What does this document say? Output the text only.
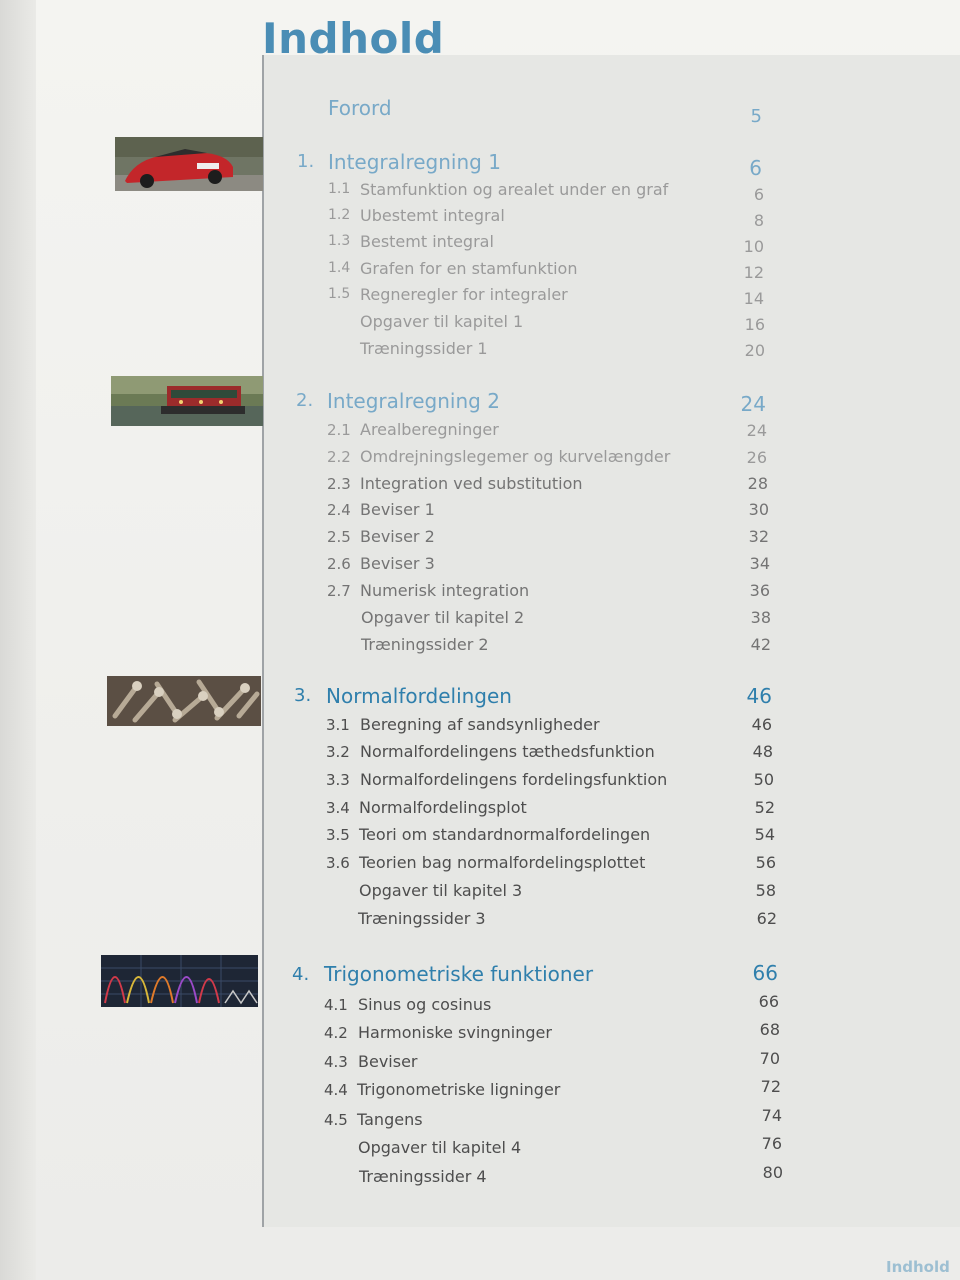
Indhold
Forord	5
1. Integralregning 1	6
1.1 Stamfunktion og arealet under en graf	6
1.2 Ubestemt integral	8
1.3 Bestemt integral	10
1.4 Grafen for en stamfunktion	12
1.5 Regneregler for integraler	14
Opgaver til kapitel 1	16
Træningssider 1	20
2. Integralregning 2	24
2.1 Arealberegninger	24
2.2 Omdrejningslegemer og kurvelængder	26
2.3 Integration ved substitution	28
2.4 Beviser 1	30
2.5 Beviser 2	32
2.6 Beviser 3	34
2.7 Numerisk integration	36
Opgaver til kapitel 2	38
Træningssider 2	42
3. Normalfordelingen	46
3.1 Beregning af sandsynligheder	46
3.2 Normalfordelingens tæthedsfunktion	48
3.3 Normalfordelingens fordelingsfunktion	50
3.4 Normalfordelingsplot	52
3.5 Teori om standardnormalfordelingen	54
3.6 Teorien bag normalfordelingsplottet	56
Opgaver til kapitel 3	58
Træningssider 3	62
4. Trigonometriske funktioner	66
4.1 Sinus og cosinus	66
4.2 Harmoniske svingninger	68
4.3 Beviser	70
4.4 Trigonometriske ligninger	72
4.5 Tangens	74
Opgaver til kapitel 4	76
Træningssider 4	80
Indhold
